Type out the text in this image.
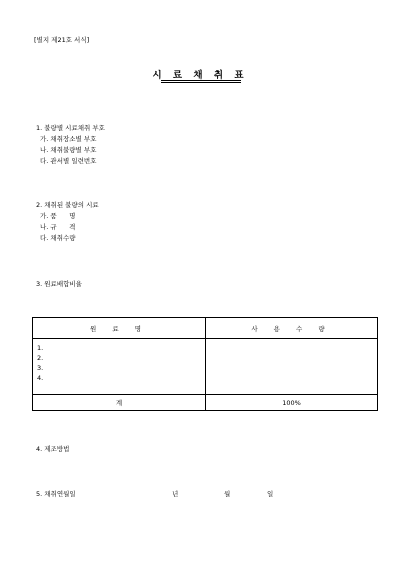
[별지 제21호 서식]
시 료 채 취 표
1. 불량별 시료채취 부호
가. 채취장소별 부호
나. 채취불량별 부호
다. 관서별 일련번호
2. 채취된 불량의 시료
가. 품      명
나. 규      격
다. 채취수량
3. 원료배합비율
원 료 명	사 용 수 량

1.
2.
3.
4.	

계	100%
4. 제조방법
5. 채취연월일	년	월	일
